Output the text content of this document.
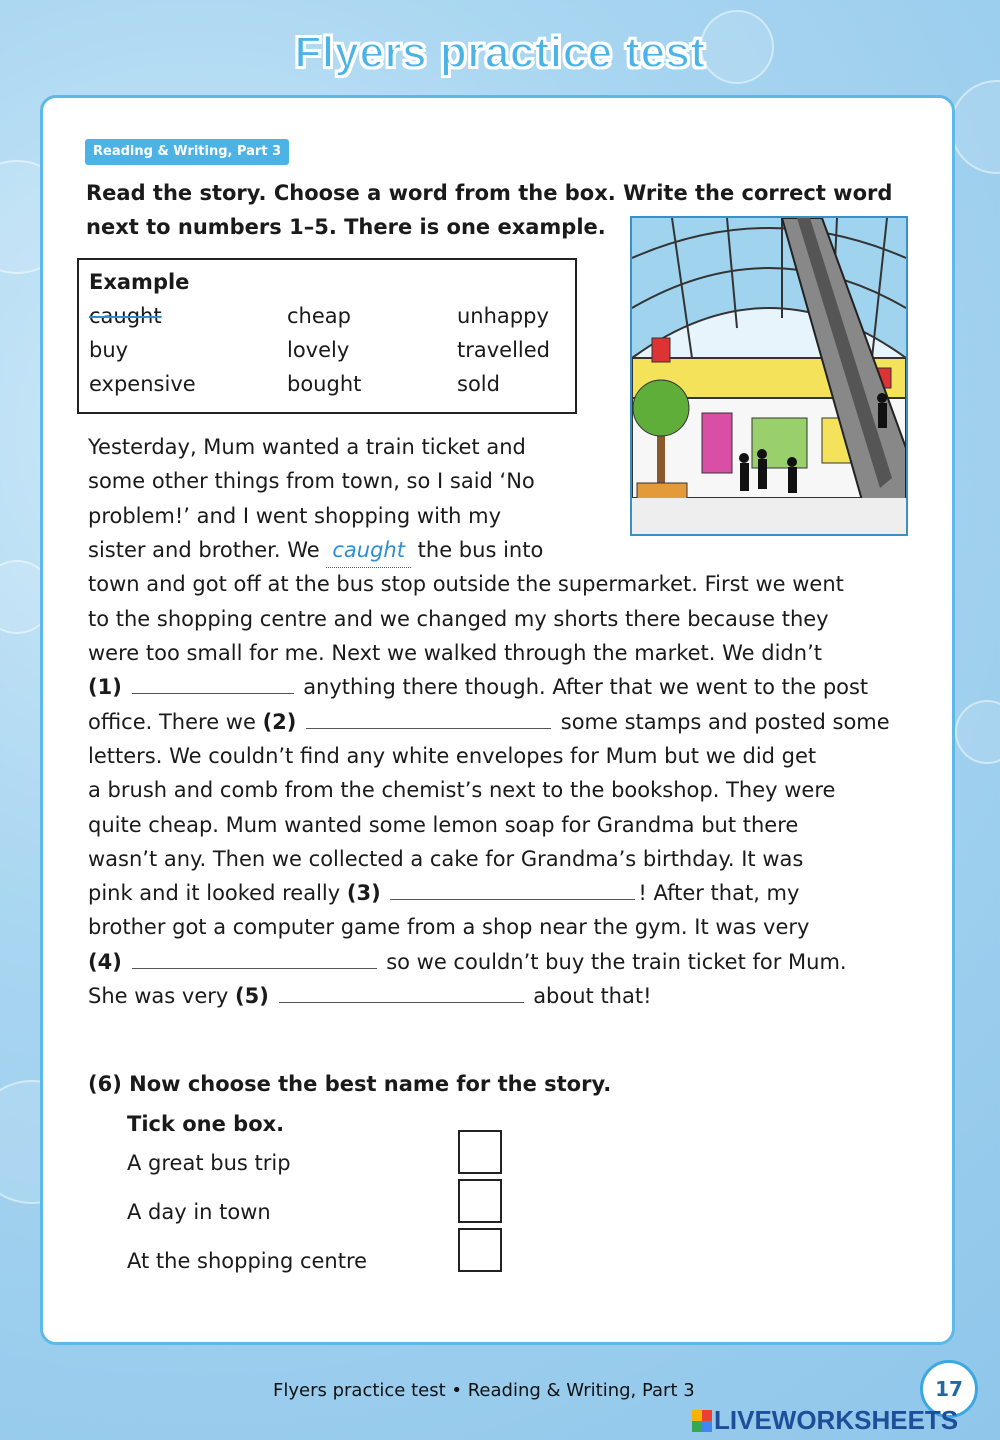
Flyers practice test
Reading & Writing, Part 3
Read the story. Choose a word from the box. Write the correct word next to numbers 1–5. There is one example.
Example
caught	cheap	unhappy
buy	lovely	travelled
expensive	bought	sold

Yesterday, Mum wanted a train ticket and

some other things from town, so I said ‘No

problem!’ and I went shopping with my

sister and brother. We caught the bus into

town and got off at the bus stop outside the supermarket. First we went

to the shopping centre and we changed my shorts there because they

were too small for me. Next we walked through the market. We didn’t

(1)	anything there though. After that we went to the post

office. There we (2)	some stamps and posted some

letters. We couldn’t find any white envelopes for Mum but we did get

a brush and comb from the chemist’s next to the bookshop. They were

quite cheap. Mum wanted some lemon soap for Grandma but there

wasn’t any. Then we collected a cake for Grandma’s birthday. It was

pink and it looked really (3)	! After that, my

brother got a computer game from a shop near the gym. It was very

(4)	so we couldn’t buy the train ticket for Mum.

She was very (5)	about that!

(6) Now choose the best name for the story.
Tick one box.
A great bus trip
A day in town
At the shopping centre
Flyers practice test • Reading & Writing, Part 3	17
LIVEWORKSHEETS
